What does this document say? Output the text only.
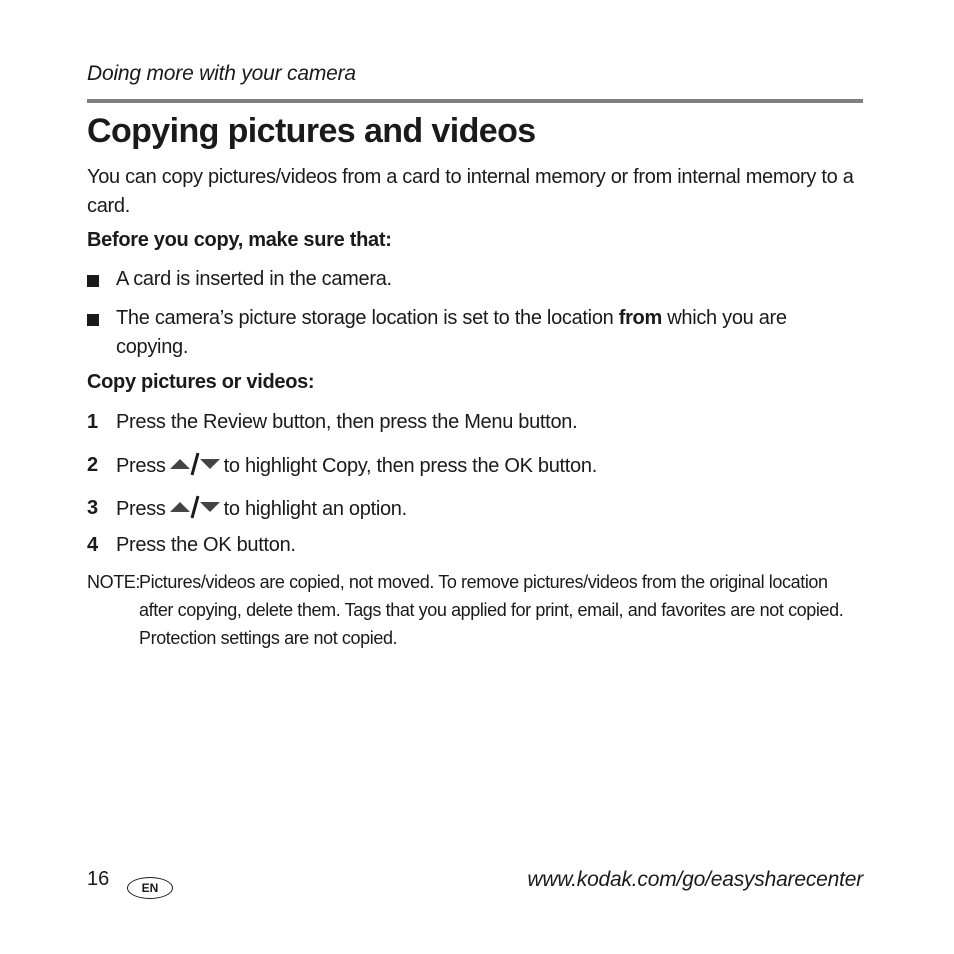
Doing more with your camera
Copying pictures and videos
You can copy pictures/videos from a card to internal memory or from internal memory to a card.
Before you copy, make sure that:
A card is inserted in the camera.
The camera’s picture storage location is set to the location from which you are copying.
Copy pictures or videos:
1 Press the Review button, then press the Menu button.
2 Press	to highlight Copy, then press the OK button.
3 Press	to highlight an option.
4 Press the OK button.
NOTE:
Pictures/videos are copied, not moved. To remove pictures/videos from the original location after copying, delete them. Tags that you applied for print, email, and favorites are not copied. Protection settings are not copied.
16	EN	www.kodak.com/go/easysharecenter
